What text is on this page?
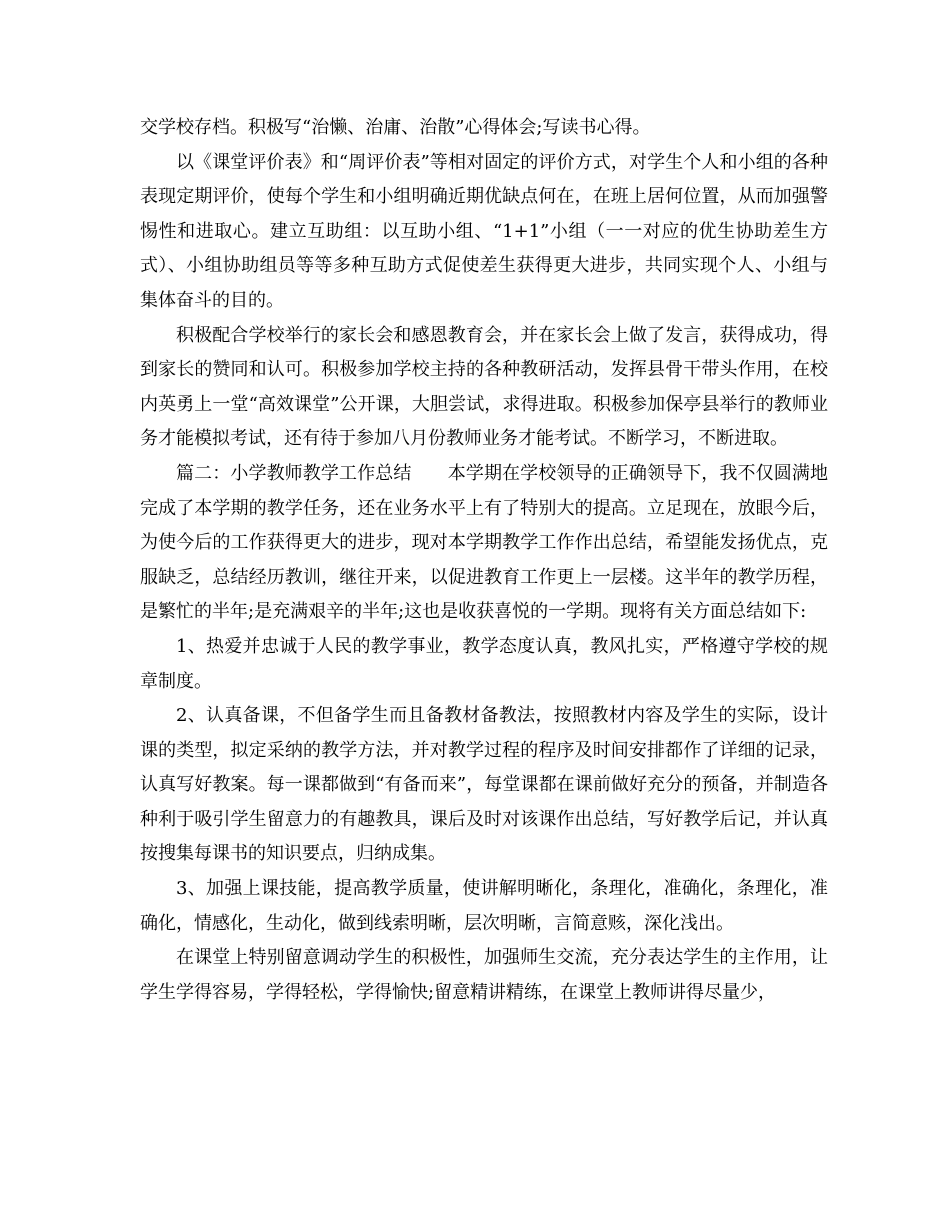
交学校存档。积极写“治懒、治庸、治散”心得体会;写读书心得。

以《课堂评价表》和“周评价表”等相对固定的评价方式，对学生个人和小组的各种表现定期评价，使每个学生和小组明确近期优缺点何在，在班上居何位置，从而加强警惕性和进取心。建立互助组：以互助小组、“1+1”小组（一一对应的优生协助差生方式）、小组协助组员等等多种互助方式促使差生获得更大进步，共同实现个人、小组与集体奋斗的目的。

积极配合学校举行的家长会和感恩教育会，并在家长会上做了发言，获得成功，得到家长的赞同和认可。积极参加学校主持的各种教研活动，发挥县骨干带头作用，在校内英勇上一堂“高效课堂”公开课，大胆尝试，求得进取。积极参加保亭县举行的教师业务才能模拟考试，还有待于参加八月份教师业务才能考试。不断学习，不断进取。

篇二：小学教师教学工作总结　　本学期在学校领导的正确领导下，我不仅圆满地完成了本学期的教学任务，还在业务水平上有了特别大的提高。立足现在，放眼今后，为使今后的工作获得更大的进步，现对本学期教学工作作出总结，希望能发扬优点，克服缺乏，总结经历教训，继往开来，以促进教育工作更上一层楼。这半年的教学历程，是繁忙的半年;是充满艰辛的半年;这也是收获喜悦的一学期。现将有关方面总结如下:

1、热爱并忠诚于人民的教学事业，教学态度认真，教风扎实，严格遵守学校的规章制度。

2、认真备课，不但备学生而且备教材备教法，按照教材内容及学生的实际，设计课的类型，拟定采纳的教学方法，并对教学过程的程序及时间安排都作了详细的记录，认真写好教案。每一课都做到“有备而来”，每堂课都在课前做好充分的预备，并制造各种利于吸引学生留意力的有趣教具，课后及时对该课作出总结，写好教学后记，并认真按搜集每课书的知识要点，归纳成集。

3、加强上课技能，提高教学质量，使讲解明晰化，条理化，准确化，条理化，准确化，情感化，生动化，做到线索明晰，层次明晰，言简意赅，深化浅出。

在课堂上特别留意调动学生的积极性，加强师生交流，充分表达学生的主作用，让学生学得容易，学得轻松，学得愉快;留意精讲精练，在课堂上教师讲得尽量少，
